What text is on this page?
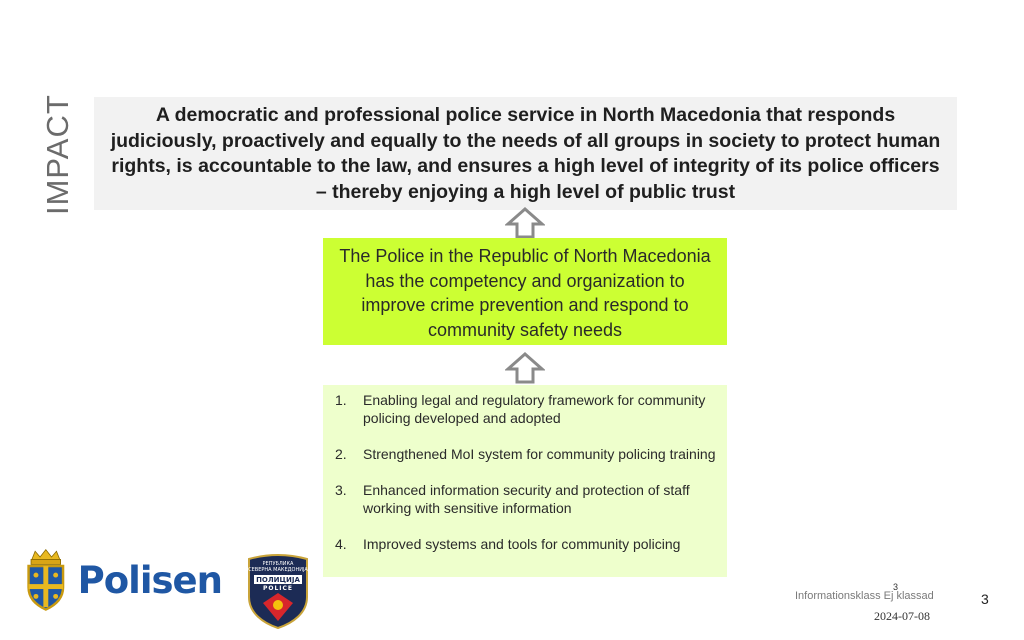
IMPACT	A democratic and professional police service in North Macedonia that responds judiciously, proactively and equally to the needs of all groups in society to protect human rights, is accountable to the law, and ensures a high level of integrity of its police officers – thereby enjoying a high level of public trust
The Police in the Republic of North Macedonia has the competency and organization to improve crime prevention and respond to community safety needs
1.	Enabling legal and regulatory framework for community policing developed and adopted
2.	Strengthened MoI system for community policing training
3.	Enhanced information security and protection of staff working with sensitive information
4.	Improved systems and tools for community policing
Polisen	РЕПУБЛИКА
СЕВЕРНА МАКЕДОНИЈА
ПОЛИЦИЈА
POLICE	3
Informationsklass Ej klassad
2024-07-08
3
